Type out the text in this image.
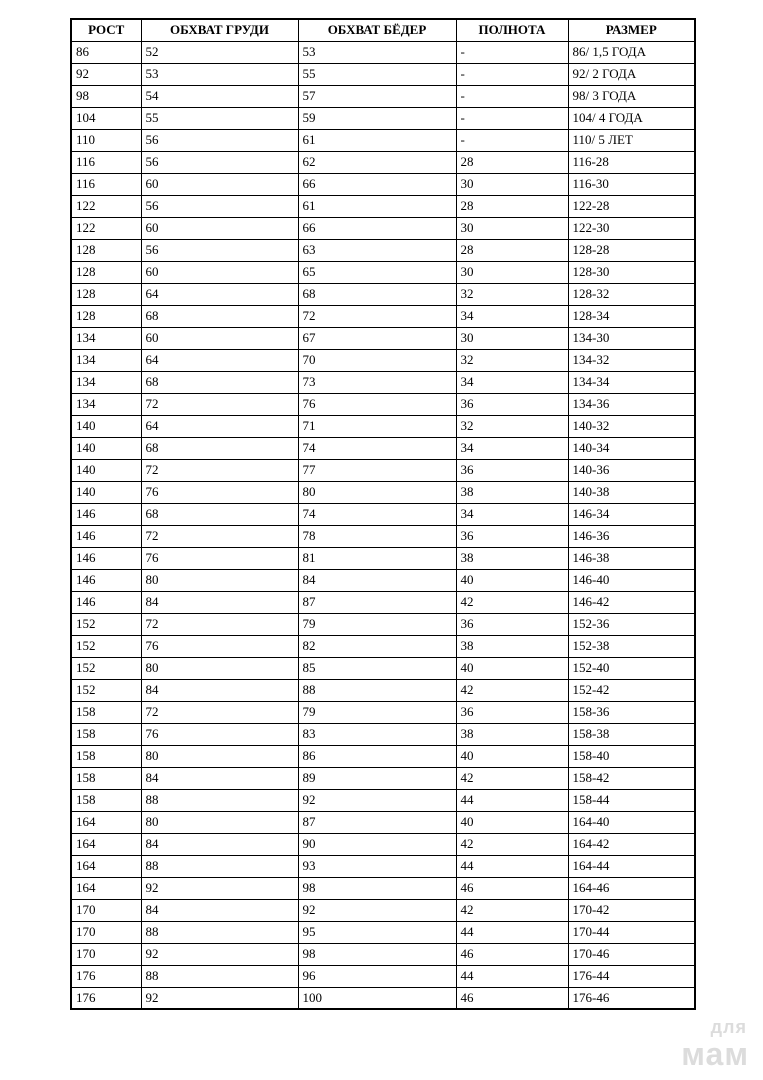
РОСТ	ОБХВАТ ГРУДИ	ОБХВАТ БЁДЕР	ПОЛНОТА	РАЗМЕР
86	52	53	-	86/ 1,5 ГОДА
92	53	55	-	92/ 2 ГОДА
98	54	57	-	98/ 3 ГОДА
104	55	59	-	104/ 4 ГОДА
110	56	61	-	110/ 5 ЛЕТ
116	56	62	28	116-28
116	60	66	30	116-30
122	56	61	28	122-28
122	60	66	30	122-30
128	56	63	28	128-28
128	60	65	30	128-30
128	64	68	32	128-32
128	68	72	34	128-34
134	60	67	30	134-30
134	64	70	32	134-32
134	68	73	34	134-34
134	72	76	36	134-36
140	64	71	32	140-32
140	68	74	34	140-34
140	72	77	36	140-36
140	76	80	38	140-38
146	68	74	34	146-34
146	72	78	36	146-36
146	76	81	38	146-38
146	80	84	40	146-40
146	84	87	42	146-42
152	72	79	36	152-36
152	76	82	38	152-38
152	80	85	40	152-40
152	84	88	42	152-42
158	72	79	36	158-36
158	76	83	38	158-38
158	80	86	40	158-40
158	84	89	42	158-42
158	88	92	44	158-44
164	80	87	40	164-40
164	84	90	42	164-42
164	88	93	44	164-44
164	92	98	46	164-46
170	84	92	42	170-42
170	88	95	44	170-44
170	92	98	46	170-46
176	88	96	44	176-44
176	92	100	46	176-46
для
мам
